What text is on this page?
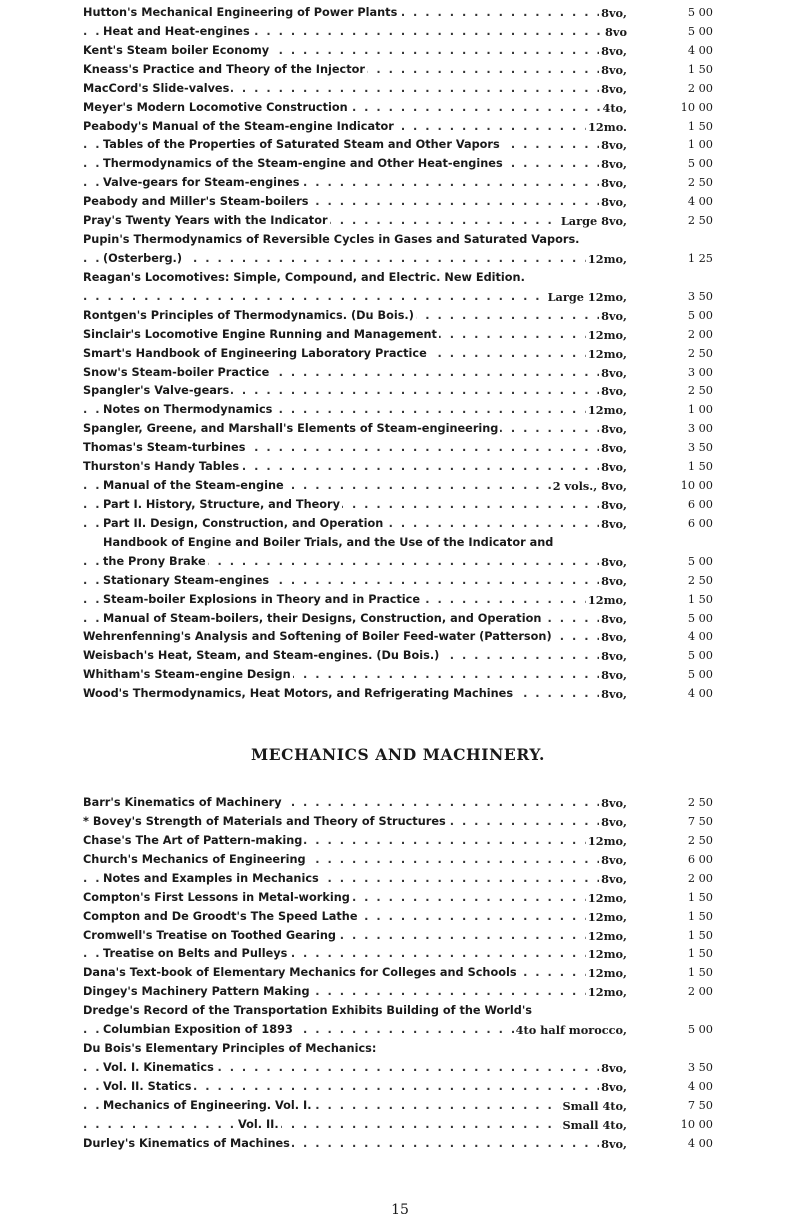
. . .
Hutton's Mechanical Engineering of Power Plants	8vo,	5 00
. . .
Heat and Heat-engines	8vo	5 00
. . .
Kent's Steam boiler Economy	8vo,	4 00
. . .
Kneass's Practice and Theory of the Injector	8vo,	1 50
. . .
MacCord's Slide-valves	8vo,	2 00
. . .
Meyer's Modern Locomotive Construction	4to,	10 00
. . .
Peabody's Manual of the Steam-engine Indicator	12mo.	1 50
. . .
Tables of the Properties of Saturated Steam and Other Vapors	8vo,	1 00
. . .
Thermodynamics of the Steam-engine and Other Heat-engines	8vo,	5 00
. . .
Valve-gears for Steam-engines	8vo,	2 50
. . .
Peabody and Miller's Steam-boilers	8vo,	4 00
. . .
Pray's Twenty Years with the Indicator	Large 8vo,	2 50
Pupin's Thermodynamics of Reversible Cycles in Gases and Saturated Vapors.
. . .
(Osterberg.)	12mo,	1 25
Reagan's Locomotives: Simple, Compound, and Electric. New Edition.
. . .
Large 12mo,	3 50
. . .
Rontgen's Principles of Thermodynamics. (Du Bois.)	8vo,	5 00
. . .
Sinclair's Locomotive Engine Running and Management	12mo,	2 00
. . .
Smart's Handbook of Engineering Laboratory Practice	12mo,	2 50
. . .
Snow's Steam-boiler Practice	8vo,	3 00
. . .
Spangler's Valve-gears	8vo,	2 50
. . .
Notes on Thermodynamics	12mo,	1 00
. . .
Spangler, Greene, and Marshall's Elements of Steam-engineering	8vo,	3 00
. . .
Thomas's Steam-turbines	8vo,	3 50
. . .
Thurston's Handy Tables	8vo,	1 50
. . .
Manual of the Steam-engine	2 vols., 8vo,	10 00
. . .
Part I. History, Structure, and Theory	8vo,	6 00
. . .
Part II. Design, Construction, and Operation	8vo,	6 00
Handbook of Engine and Boiler Trials, and the Use of the Indicator and
. . .
the Prony Brake	8vo,	5 00
. . .
Stationary Steam-engines	8vo,	2 50
. . .
Steam-boiler Explosions in Theory and in Practice	12mo,	1 50
. . .
Manual of Steam-boilers, their Designs, Construction, and Operation	8vo,	5 00
. . .
Wehrenfenning's Analysis and Softening of Boiler Feed-water (Patterson)	8vo,	4 00
. . .
Weisbach's Heat, Steam, and Steam-engines. (Du Bois.)	8vo,	5 00
. . .
Whitham's Steam-engine Design	8vo,	5 00
. . .
Wood's Thermodynamics, Heat Motors, and Refrigerating Machines	8vo,	4 00
MECHANICS AND MACHINERY.
. . .
Barr's Kinematics of Machinery	8vo,	2 50
. . .
* Bovey's Strength of Materials and Theory of Structures	8vo,	7 50
. . .
Chase's The Art of Pattern-making	12mo,	2 50
. . .
Church's Mechanics of Engineering	8vo,	6 00
. . .
Notes and Examples in Mechanics	8vo,	2 00
. . .
Compton's First Lessons in Metal-working	12mo,	1 50
. . .
Compton and De Groodt's The Speed Lathe	12mo,	1 50
. . .
Cromwell's Treatise on Toothed Gearing	12mo,	1 50
. . .
Treatise on Belts and Pulleys	12mo,	1 50
. . .
Dana's Text-book of Elementary Mechanics for Colleges and Schools	12mo,	1 50
. . .
Dingey's Machinery Pattern Making	12mo,	2 00
Dredge's Record of the Transportation Exhibits Building of the World's
. . .
Columbian Exposition of 1893	4to half morocco,	5 00
Du Bois's Elementary Principles of Mechanics:
. . .
Vol. I. Kinematics	8vo,	3 50
. . .
Vol. II. Statics	8vo,	4 00
. . .
Mechanics of Engineering. Vol. I.	Small 4to,	7 50
. . .
Vol. II.	Small 4to,	10 00
. . .
Durley's Kinematics of Machines	8vo,	4 00
15
